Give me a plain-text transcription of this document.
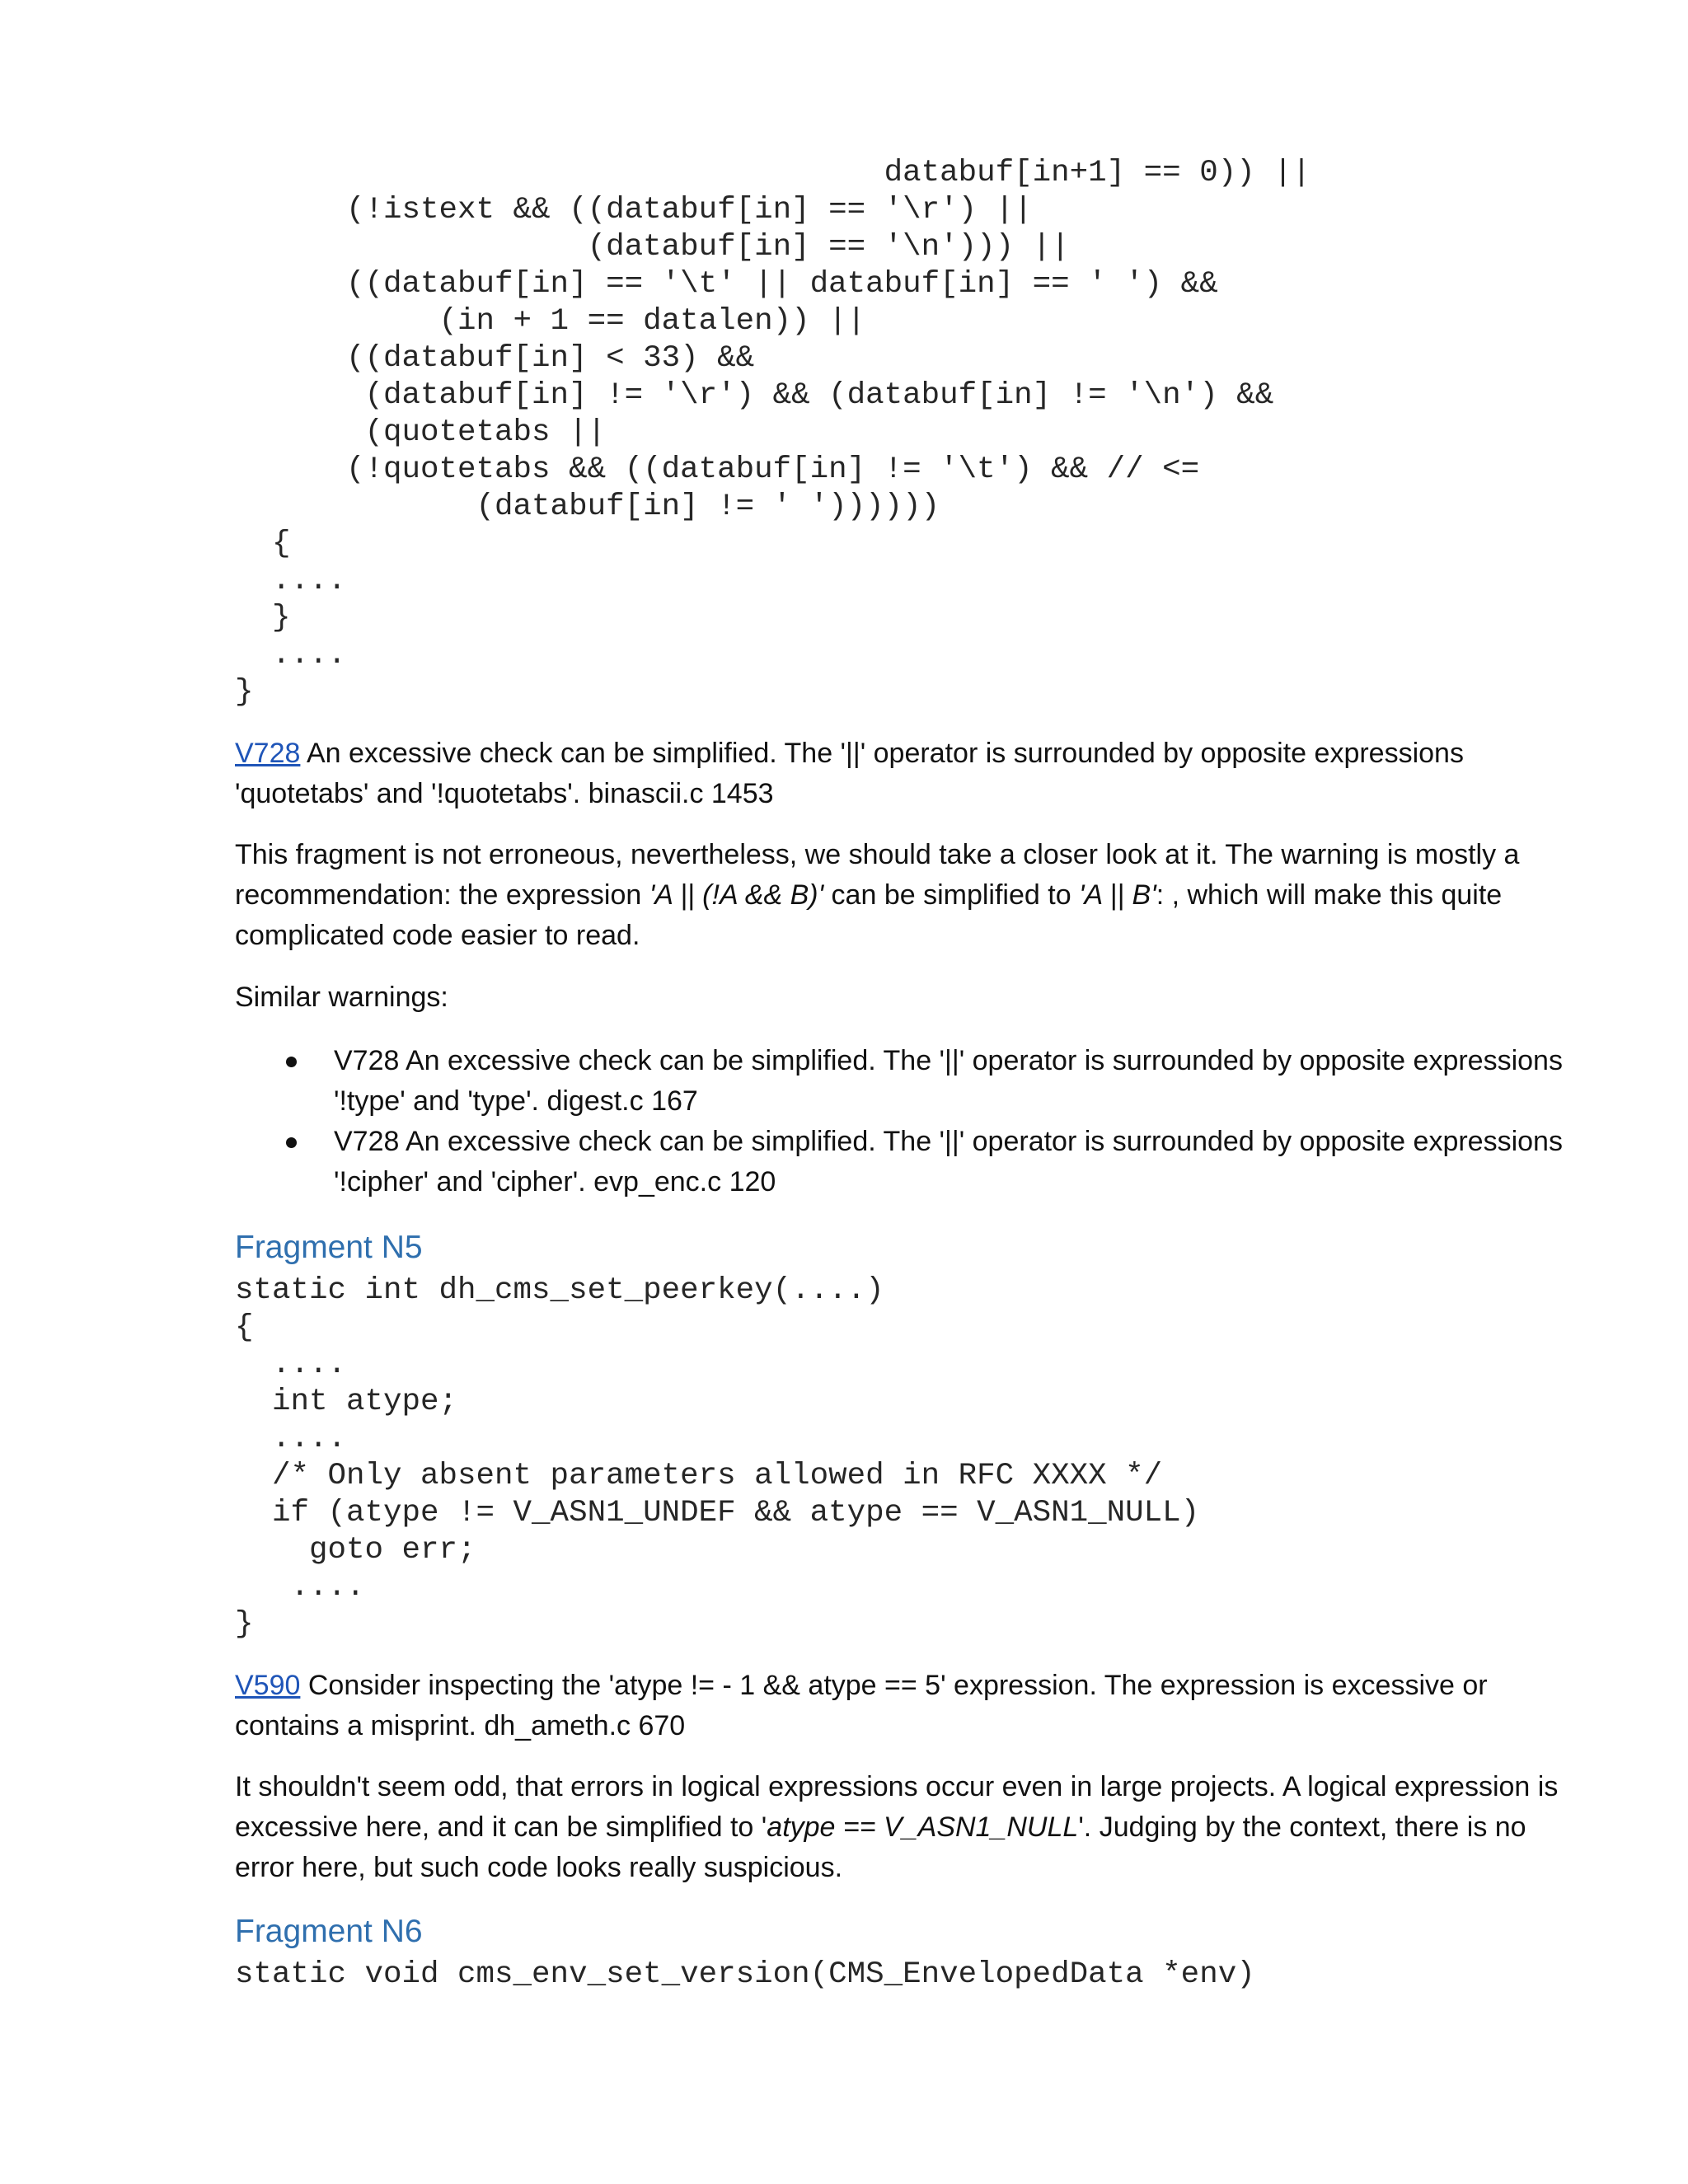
databuf[in+1] == 0)) ||
(!istext && ((databuf[in] == '\r') ||
(databuf[in] == '\n'))) ||
((databuf[in] == '\t' || databuf[in] == ' ') &&
(in + 1 == datalen)) ||
((databuf[in] < 33) &&
(databuf[in] != '\r') && (databuf[in] != '\n') &&
(quotetabs ||
(!quotetabs && ((databuf[in] != '\t') && // <=
(databuf[in] != ' '))))))
{
....
}
....
}

V728 An excessive check can be simplified. The '||' operator is surrounded by opposite expressions 'quotetabs' and '!quotetabs'. binascii.c 1453

This fragment is not erroneous, nevertheless, we should take a closer look at it. The warning is mostly a recommendation: the expression 'A || (!A && B)' can be simplified to 'A || B': , which will make this quite complicated code easier to read.

Similar warnings:

V728 An excessive check can be simplified. The '||' operator is surrounded by opposite expressions '!type' and 'type'. digest.c 167
V728 An excessive check can be simplified. The '||' operator is surrounded by opposite expressions '!cipher' and 'cipher'. evp_enc.c 120
Fragment N5
static int dh_cms_set_peerkey(....)
{
....
int atype;
....
/* Only absent parameters allowed in RFC XXXX */
if (atype != V_ASN1_UNDEF && atype == V_ASN1_NULL)
goto err;
....
}

V590 Consider inspecting the 'atype != - 1 && atype == 5' expression. The expression is excessive or contains a misprint. dh_ameth.c 670

It shouldn't seem odd, that errors in logical expressions occur even in large projects. A logical expression is excessive here, and it can be simplified to 'atype == V_ASN1_NULL'. Judging by the context, there is no error here, but such code looks really suspicious.

Fragment N6
static void cms_env_set_version(CMS_EnvelopedData *env)
